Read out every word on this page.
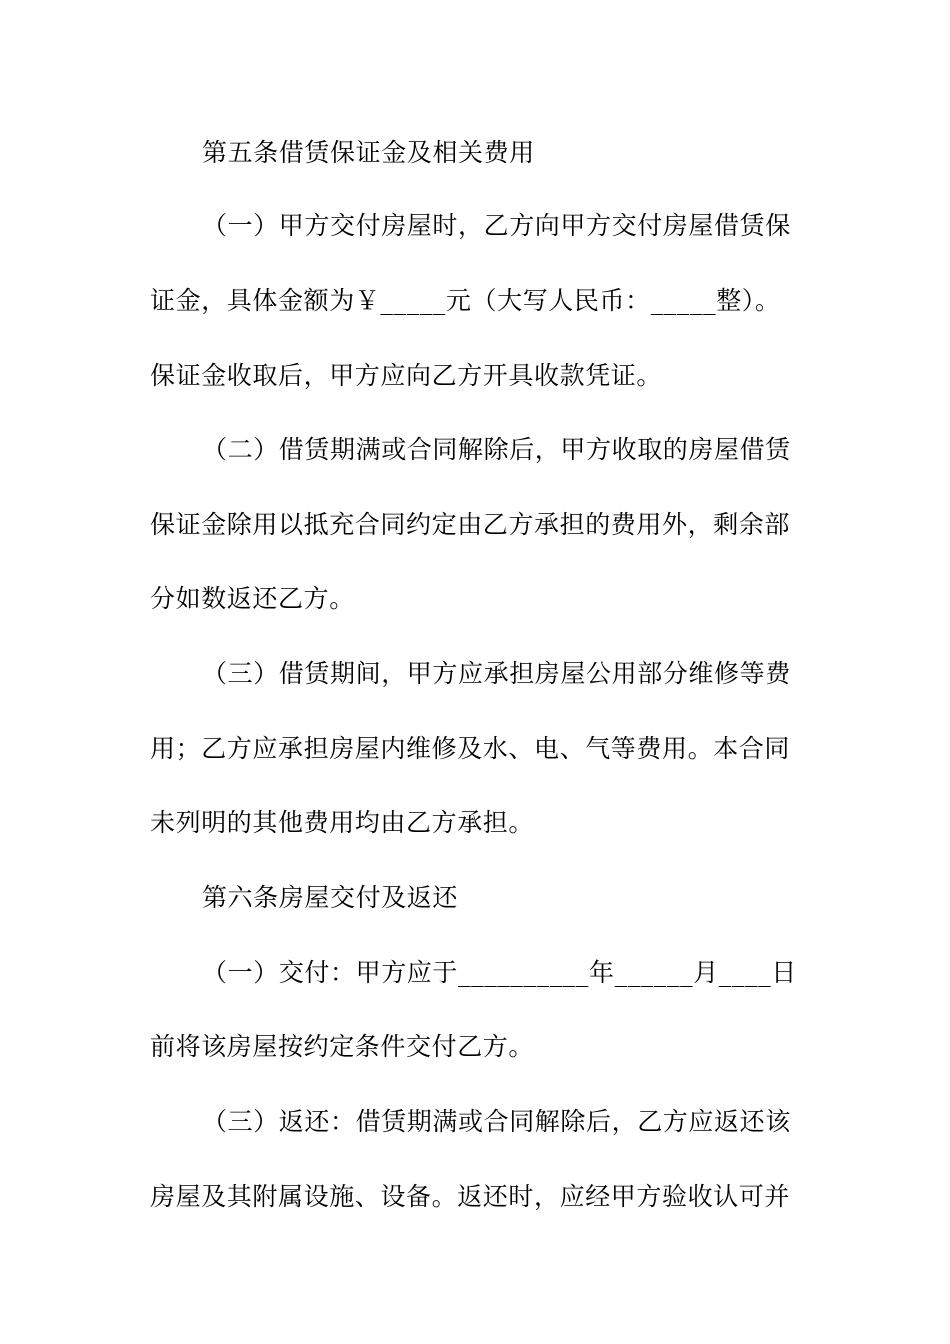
第五条借赁保证金及相关费用
（一）甲方交付房屋时，乙方向甲方交付房屋借赁保
证金，具体金额为￥_____元（大写人民币：_____整）。
保证金收取后，甲方应向乙方开具收款凭证。
（二）借赁期满或合同解除后，甲方收取的房屋借赁
保证金除用以抵充合同约定由乙方承担的费用外，剩余部
分如数返还乙方。
（三）借赁期间，甲方应承担房屋公用部分维修等费
用；乙方应承担房屋内维修及水、电、气等费用。本合同
未列明的其他费用均由乙方承担。
第六条房屋交付及返还
（一）交付：甲方应于__________年______月____日
前将该房屋按约定条件交付乙方。
（三）返还：借赁期满或合同解除后，乙方应返还该
房屋及其附属设施、设备。返还时，应经甲方验收认可并
